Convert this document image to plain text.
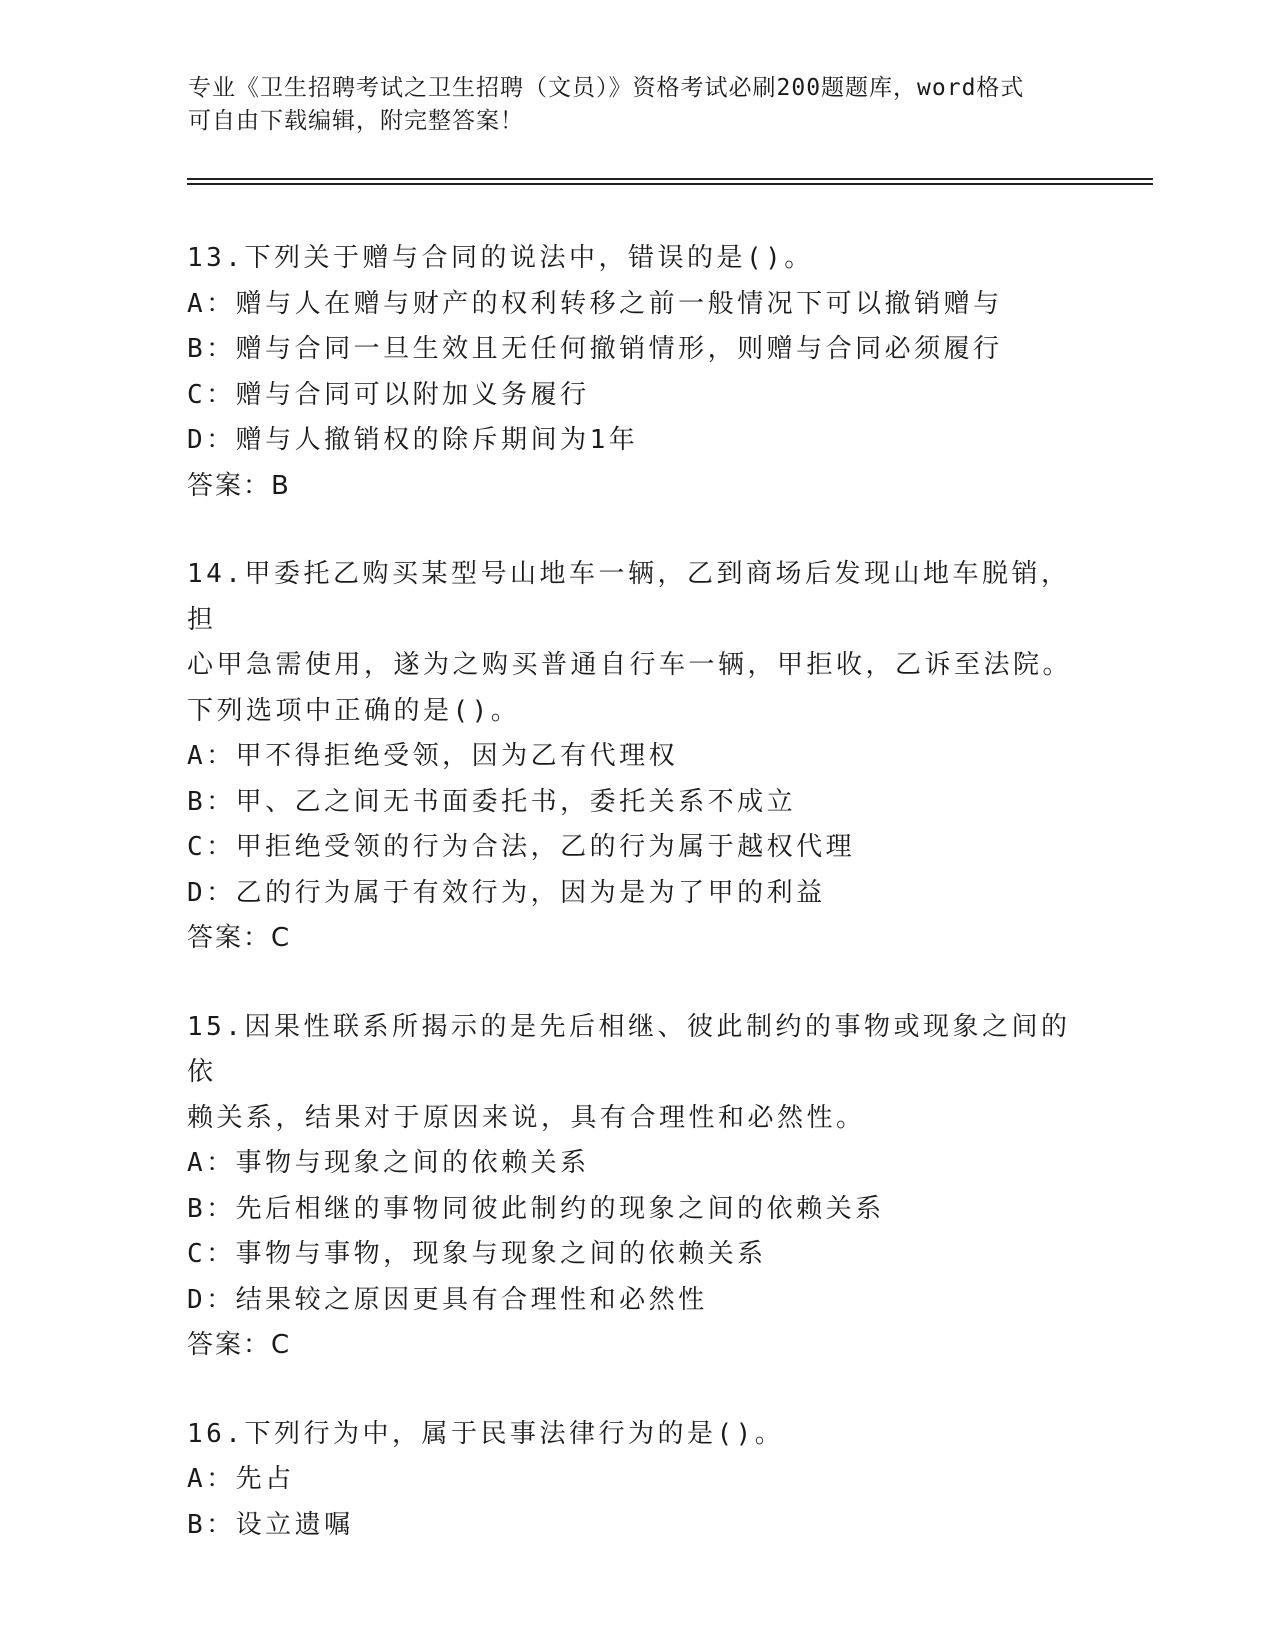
专业《卫生招聘考试之卫生招聘（文员）》资格考试必刷200题题库，word格式
可自由下载编辑，附完整答案！
13.下列关于赠与合同的说法中，错误的是()。
A：赠与人在赠与财产的权利转移之前一般情况下可以撤销赠与
B：赠与合同一旦生效且无任何撤销情形，则赠与合同必须履行
C：赠与合同可以附加义务履行
D：赠与人撤销权的除斥期间为1年
答案：B
14.甲委托乙购买某型号山地车一辆，乙到商场后发现山地车脱销，担
心甲急需使用，遂为之购买普通自行车一辆，甲拒收，乙诉至法院。
下列选项中正确的是()。
A：甲不得拒绝受领，因为乙有代理权
B：甲、乙之间无书面委托书，委托关系不成立
C：甲拒绝受领的行为合法，乙的行为属于越权代理
D：乙的行为属于有效行为，因为是为了甲的利益
答案：C
15.因果性联系所揭示的是先后相继、彼此制约的事物或现象之间的依
赖关系，结果对于原因来说，具有合理性和必然性。
A：事物与现象之间的依赖关系
B：先后相继的事物同彼此制约的现象之间的依赖关系
C：事物与事物，现象与现象之间的依赖关系
D：结果较之原因更具有合理性和必然性
答案：C
16.下列行为中，属于民事法律行为的是()。
A：先占
B：设立遗嘱
